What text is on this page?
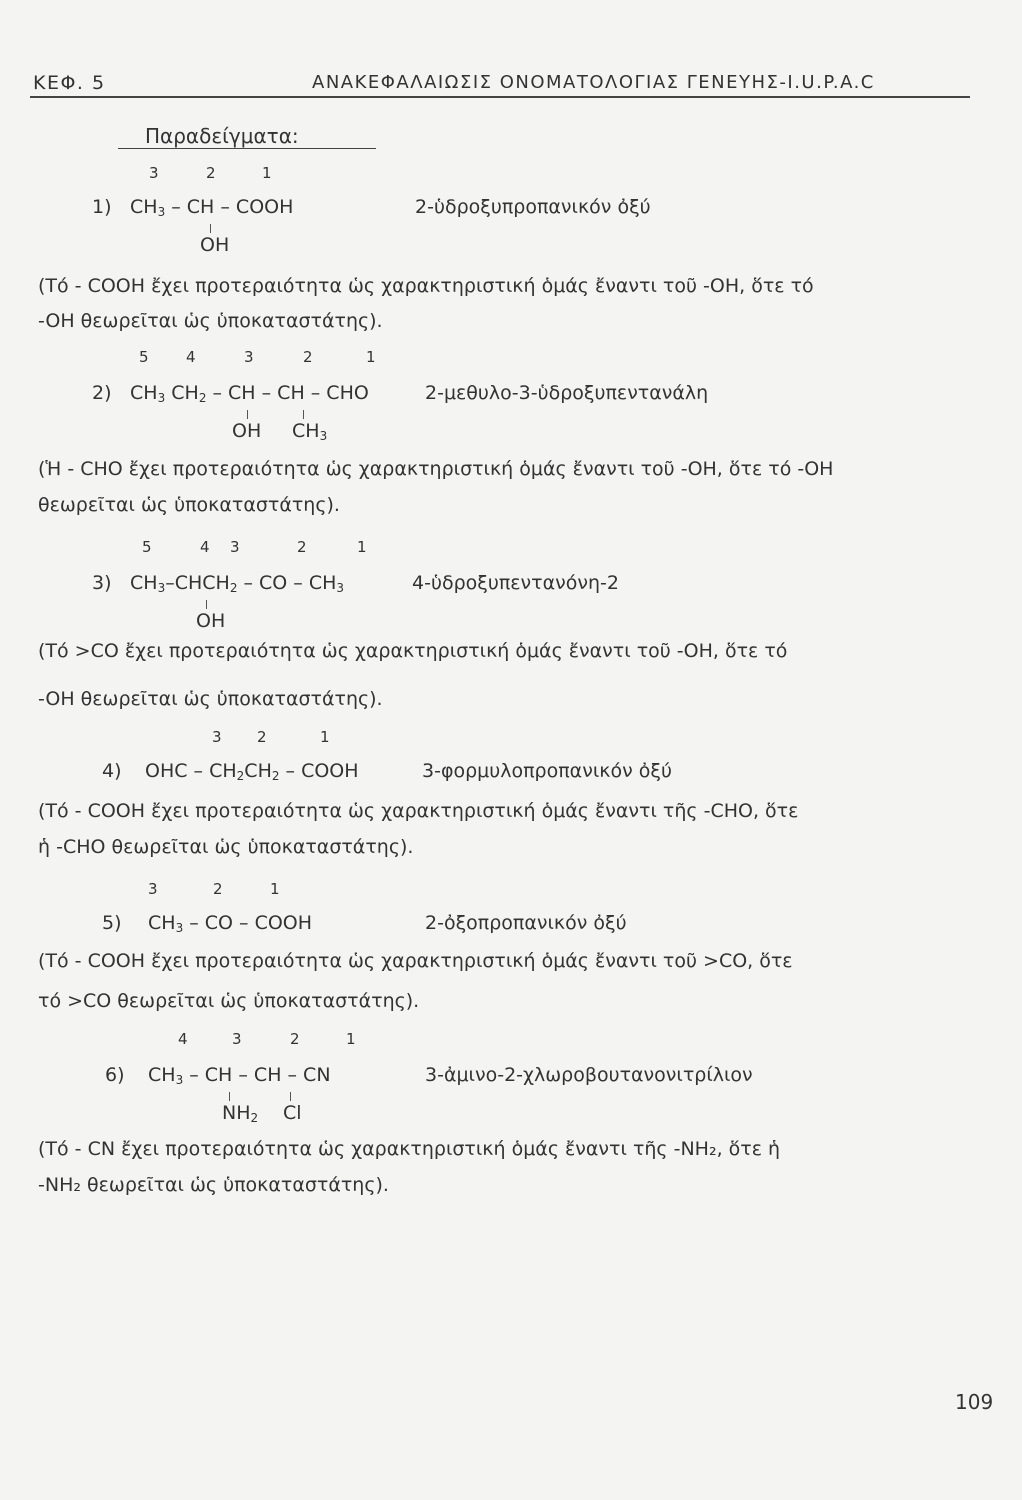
ΚΕΦ. 5	ΑΝΑΚΕΦΑΛΑΙΩΣΙΣ ΟΝΟΜΑΤΟΛΟΓΙΑΣ ΓΕΝΕΥΗΣ-I.U.P.A.C
Παραδείγματα:
3	2	1
1) $CH_3$ – CH – COOH
OH
2-ὑδροξυπροπανικόν ὀξύ
(Τό - COOH ἔχει προτεραιότητα ὡς χαρακτηριστική ὁμάς ἔναντι τοῦ -OH, ὅτε τό
-OH θεωρεῖται ὡς ὑποκαταστάτης).
5 4	3	2	1
2) $CH_3$ $CH_2$ – CH – CH – CHO
OH $CH_3$
2-μεθυλο-3-ὑδροξυπεντανάλη
(Ἡ - CHO ἔχει προτεραιότητα ὡς χαρακτηριστική ὁμάς ἔναντι τοῦ -OH, ὅτε τό -OH
θεωρεῖται ὡς ὑποκαταστάτης).
5	4 3	2	1
3) $CH_3-CHCH_2$ – CO – $CH_3$
OH
4-ὑδροξυπεντανόνη-2
(Τό >CO ἔχει προτεραιότητα ὡς χαρακτηριστική ὁμάς ἔναντι τοῦ -OH, ὅτε τό
-OH θεωρεῖται ὡς ὑποκαταστάτης).
3 2	1
4) OHC – $CH_2CH_2$ – COOH	3-φορμυλοπροπανικόν ὀξύ
(Τό - COOH ἔχει προτεραιότητα ὡς χαρακτηριστική ὁμάς ἔναντι τῆς -CHO, ὅτε
ἡ -CHO θεωρεῖται ὡς ὑποκαταστάτης).
3	2	1
5) $CH_3$ – CO – COOH	2-ὀξοπροπανικόν ὀξύ
(Τό - COOH ἔχει προτεραιότητα ὡς χαρακτηριστική ὁμάς ἔναντι τοῦ >CO, ὅτε
τό >CO θεωρεῖται ὡς ὑποκαταστάτης).
4	3	2	1
6) $CH_3$ – CH – CH – CN
$NH_2$ Cl
3-ἀμινο-2-χλωροβουτανονιτρίλιον
(Τό - CN ἔχει προτεραιότητα ὡς χαρακτηριστική ὁμάς ἔναντι τῆς -NH₂, ὅτε ἡ
-NH₂ θεωρεῖται ὡς ὑποκαταστάτης).
109
